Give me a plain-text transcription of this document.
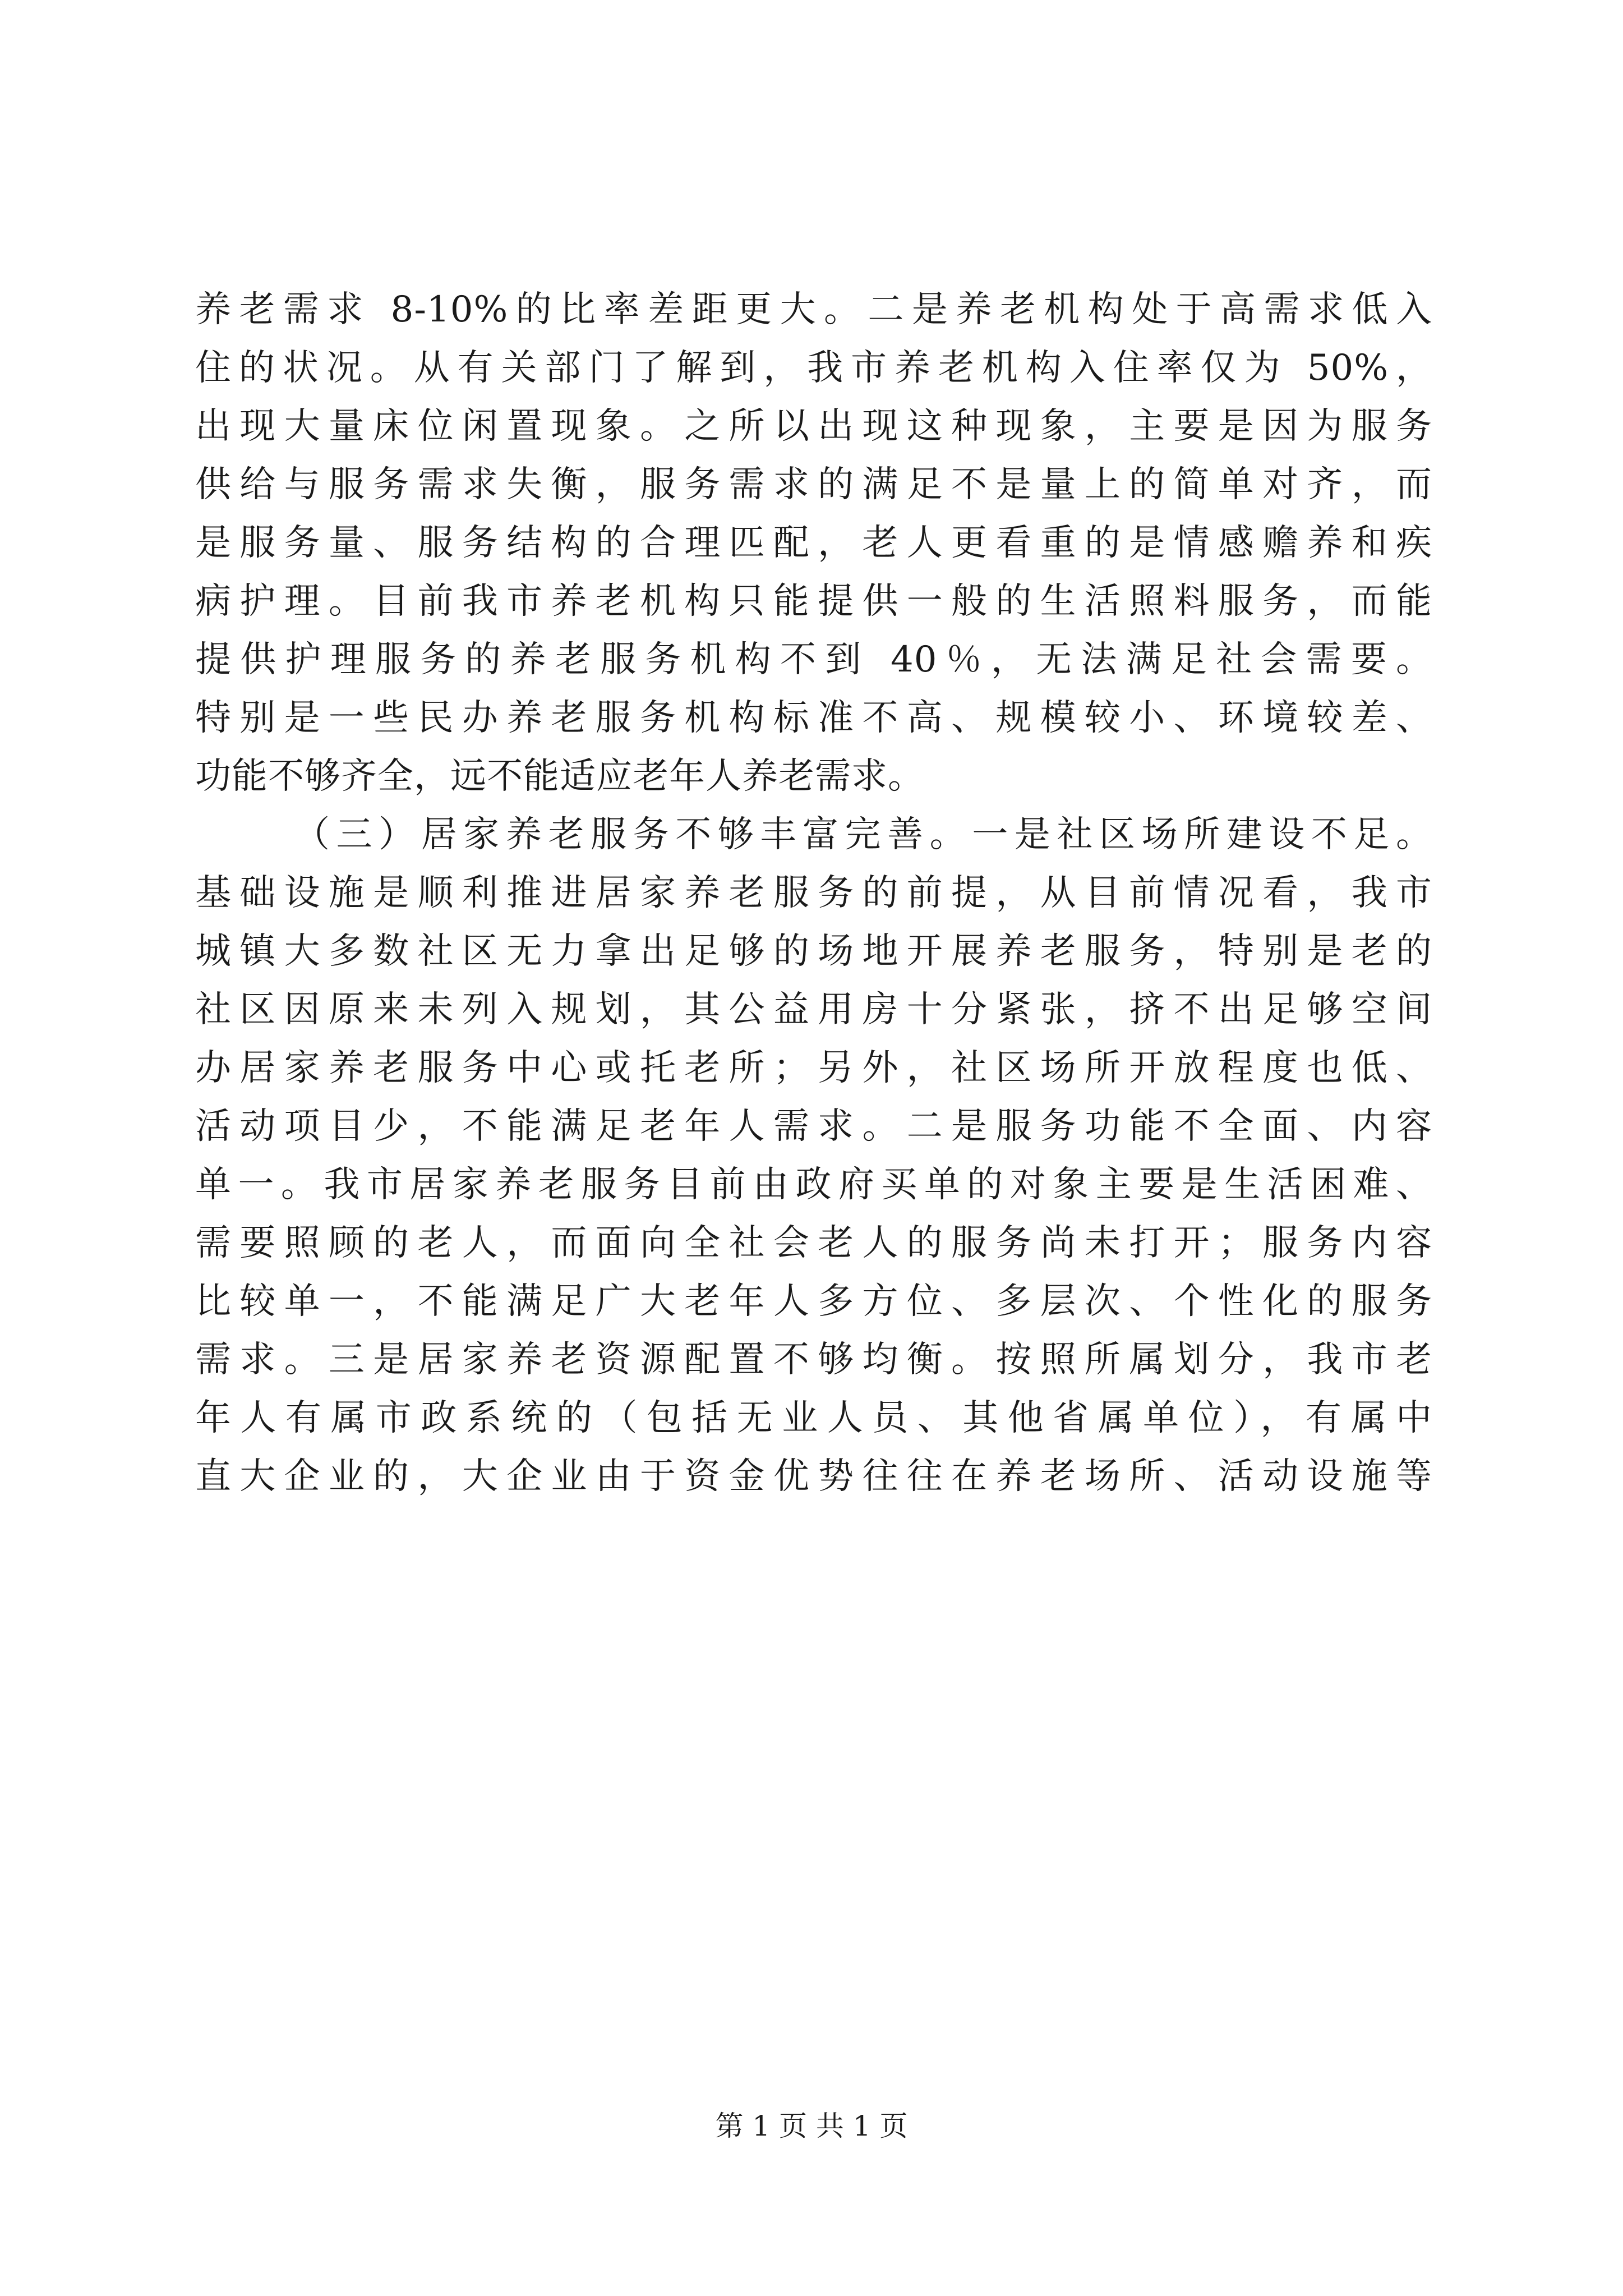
养老需求 8-10%的比率差距更大。二是养老机构处于高需求低入
住的状况。从有关部门了解到，我市养老机构入住率仅为 50%，
出现大量床位闲置现象。之所以出现这种现象，主要是因为服务
供给与服务需求失衡，服务需求的满足不是量上的简单对齐，而
是服务量、服务结构的合理匹配，老人更看重的是情感赡养和疾
病护理。目前我市养老机构只能提供一般的生活照料服务，而能
提供护理服务的养老服务机构不到 40％，无法满足社会需要。
特别是一些民办养老服务机构标准不高、规模较小、环境较差、
功能不够齐全，远不能适应老年人养老需求。
（三）居家养老服务不够丰富完善。一是社区场所建设不足。
基础设施是顺利推进居家养老服务的前提，从目前情况看，我市
城镇大多数社区无力拿出足够的场地开展养老服务，特别是老的
社区因原来未列入规划，其公益用房十分紧张，挤不出足够空间
办居家养老服务中心或托老所；另外，社区场所开放程度也低、
活动项目少，不能满足老年人需求。二是服务功能不全面、内容
单一。我市居家养老服务目前由政府买单的对象主要是生活困难、
需要照顾的老人，而面向全社会老人的服务尚未打开；服务内容
比较单一，不能满足广大老年人多方位、多层次、个性化的服务
需求。三是居家养老资源配置不够均衡。按照所属划分，我市老
年人有属市政系统的（包括无业人员、其他省属单位），有属中
直大企业的，大企业由于资金优势往往在养老场所、活动设施等
第 1 页 共 1 页
